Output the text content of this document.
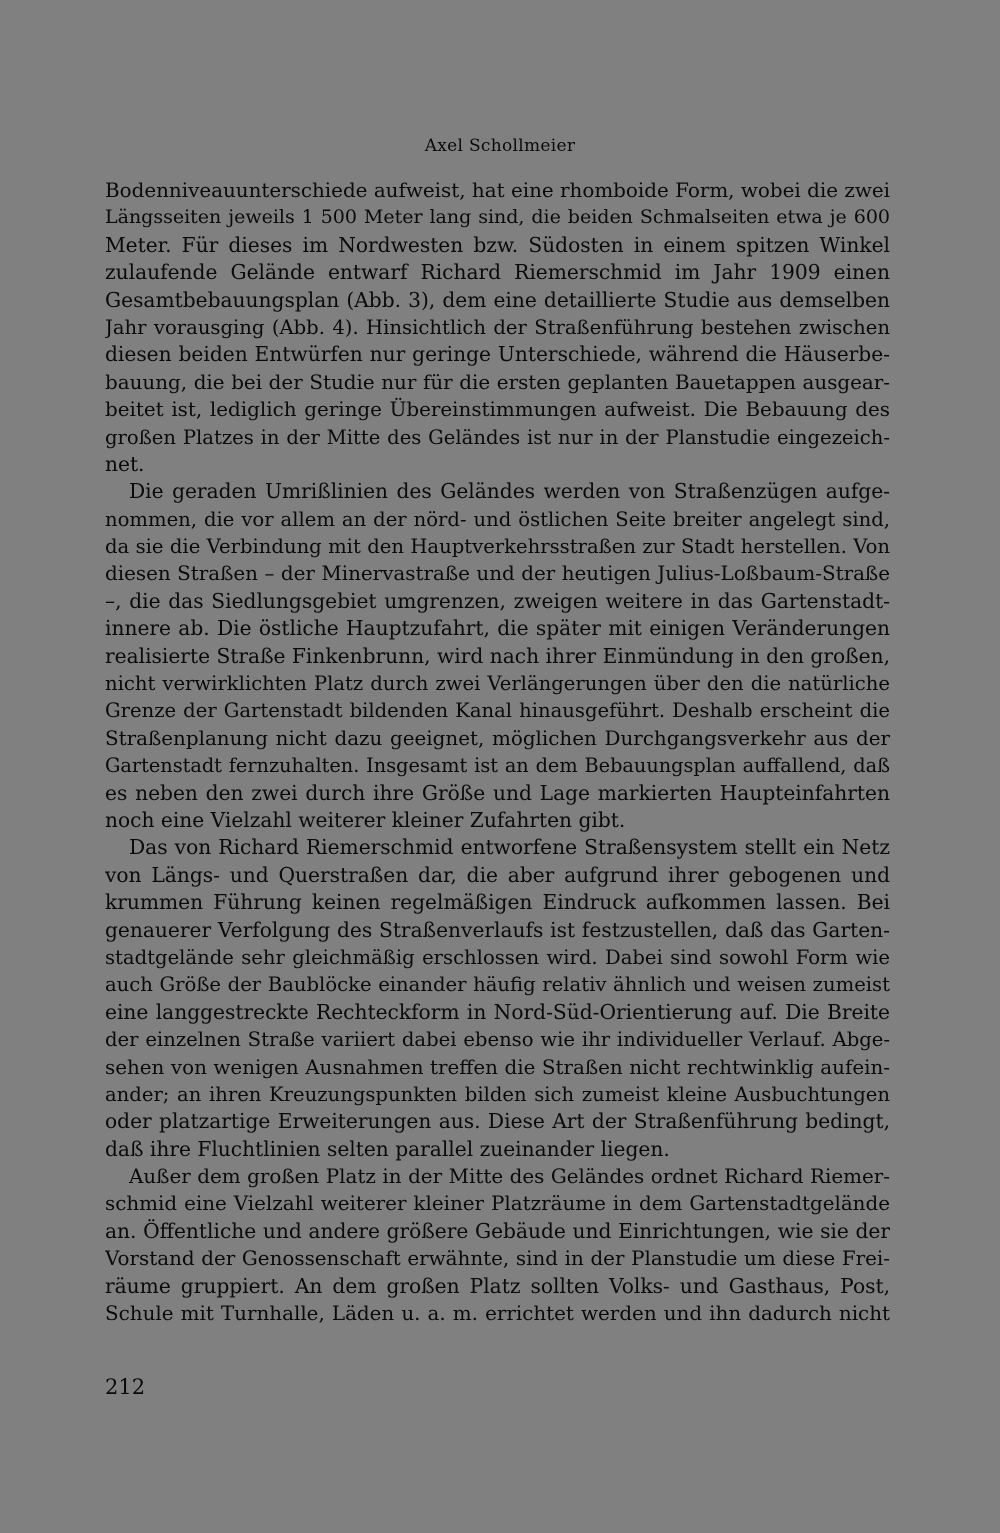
Axel Schollmeier
Bodenniveauunterschiede aufweist, hat eine rhomboide Form, wobei die zwei
Längsseiten jeweils 1 500 Meter lang sind, die beiden Schmalseiten etwa je 600
Meter. Für dieses im Nordwesten bzw. Südosten in einem spitzen Winkel
zulaufende Gelände entwarf Richard Riemerschmid im Jahr 1909 einen
Gesamtbebauungsplan (Abb. 3), dem eine detaillierte Studie aus demselben
Jahr vorausging (Abb. 4). Hinsichtlich der Straßenführung bestehen zwischen
diesen beiden Entwürfen nur geringe Unterschiede, während die Häuserbe-
bauung, die bei der Studie nur für die ersten geplanten Bauetappen ausgear-
beitet ist, lediglich geringe Übereinstimmungen aufweist. Die Bebauung des
großen Platzes in der Mitte des Geländes ist nur in der Planstudie eingezeich-
net.
Die geraden Umrißlinien des Geländes werden von Straßenzügen aufge-
nommen, die vor allem an der nörd- und östlichen Seite breiter angelegt sind,
da sie die Verbindung mit den Hauptverkehrsstraßen zur Stadt herstellen. Von
diesen Straßen – der Minervastraße und der heutigen Julius-Loßbaum-Straße
–, die das Siedlungsgebiet umgrenzen, zweigen weitere in das Gartenstadt-
innere ab. Die östliche Hauptzufahrt, die später mit einigen Veränderungen
realisierte Straße Finkenbrunn, wird nach ihrer Einmündung in den großen,
nicht verwirklichten Platz durch zwei Verlängerungen über den die natürliche
Grenze der Gartenstadt bildenden Kanal hinausgeführt. Deshalb erscheint die
Straßenplanung nicht dazu geeignet, möglichen Durchgangsverkehr aus der
Gartenstadt fernzuhalten. Insgesamt ist an dem Bebauungsplan auffallend, daß
es neben den zwei durch ihre Größe und Lage markierten Haupteinfahrten
noch eine Vielzahl weiterer kleiner Zufahrten gibt.
Das von Richard Riemerschmid entworfene Straßensystem stellt ein Netz
von Längs- und Querstraßen dar, die aber aufgrund ihrer gebogenen und
krummen Führung keinen regelmäßigen Eindruck aufkommen lassen. Bei
genauerer Verfolgung des Straßenverlaufs ist festzustellen, daß das Garten-
stadtgelände sehr gleichmäßig erschlossen wird. Dabei sind sowohl Form wie
auch Größe der Baublöcke einander häufig relativ ähnlich und weisen zumeist
eine langgestreckte Rechteckform in Nord-Süd-Orientierung auf. Die Breite
der einzelnen Straße variiert dabei ebenso wie ihr individueller Verlauf. Abge-
sehen von wenigen Ausnahmen treffen die Straßen nicht rechtwinklig aufein-
ander; an ihren Kreuzungspunkten bilden sich zumeist kleine Ausbuchtungen
oder platzartige Erweiterungen aus. Diese Art der Straßenführung bedingt,
daß ihre Fluchtlinien selten parallel zueinander liegen.
Außer dem großen Platz in der Mitte des Geländes ordnet Richard Riemer-
schmid eine Vielzahl weiterer kleiner Platzräume in dem Gartenstadtgelände
an. Öffentliche und andere größere Gebäude und Einrichtungen, wie sie der
Vorstand der Genossenschaft erwähnte, sind in der Planstudie um diese Frei-
räume gruppiert. An dem großen Platz sollten Volks- und Gasthaus, Post,
Schule mit Turnhalle, Läden u. a. m. errichtet werden und ihn dadurch nicht
212
